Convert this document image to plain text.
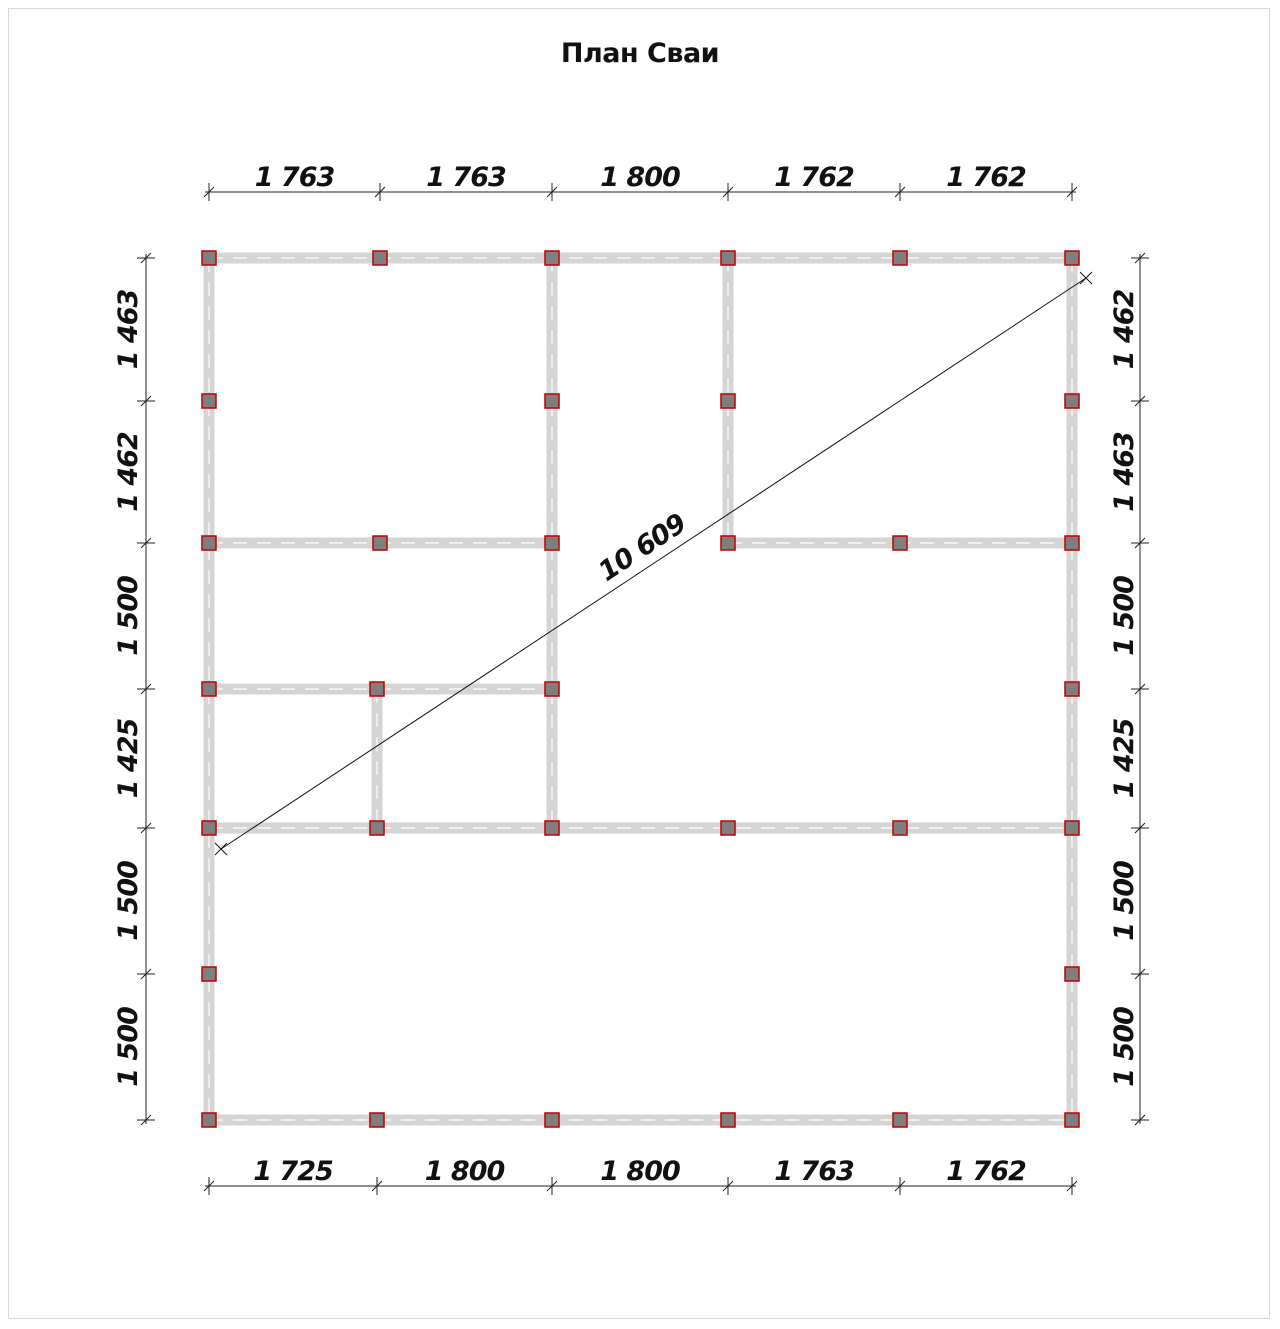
План Сваи
10 609
1 763	1 763	1 800	1 762	1 762
1 725	1 800	1 800	1 763	1 762
1 463
1 462
1 500
1 425
1 500
1 500
1 462
1 463
1 500
1 425
1 500
1 500
